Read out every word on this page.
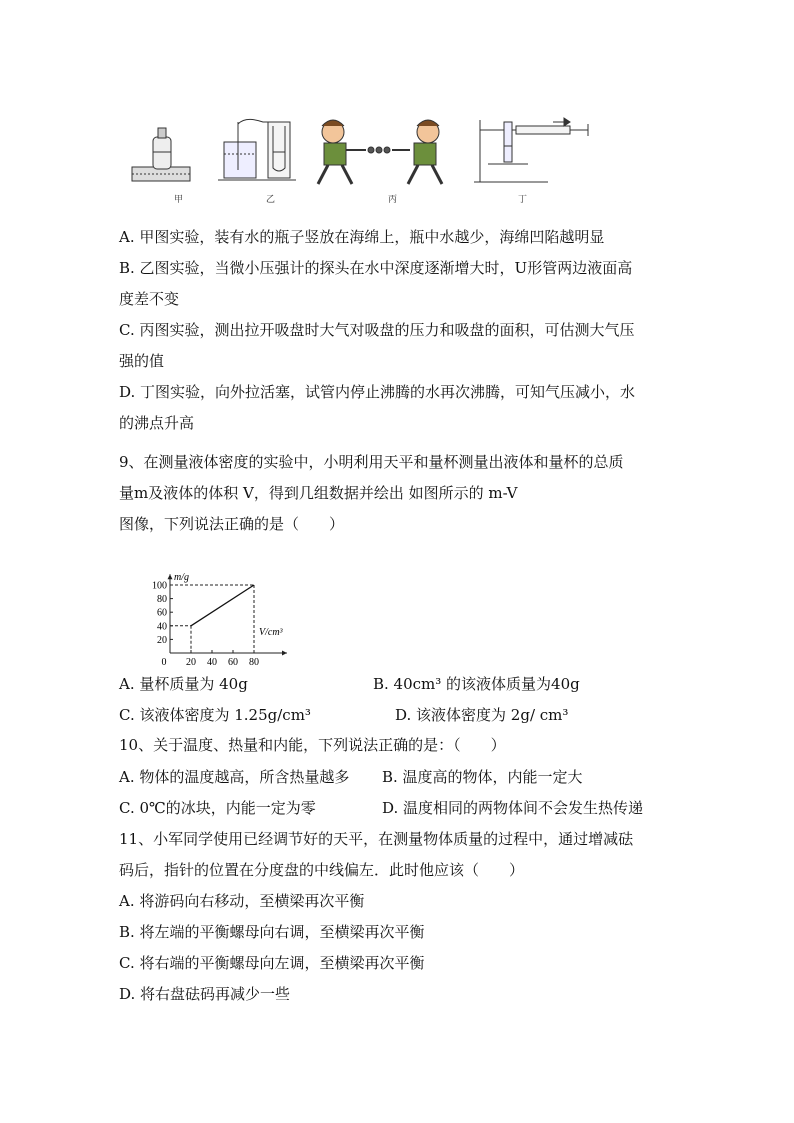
甲	乙	丙	丁
A. 甲图实验，装有水的瓶子竖放在海绵上，瓶中水越少，海绵凹陷越明显
B. 乙图实验，当微小压强计的探头在水中深度逐渐增大时，U形管两边液面高
度差不变
C. 丙图实验，测出拉开吸盘时大气对吸盘的压力和吸盘的面积，可估测大气压
强的值
D. 丁图实验，向外拉活塞，试管内停止沸腾的水再次沸腾，可知气压减小，水
的沸点升高
9、在测量液体密度的实验中，小明利用天平和量杯测量出液体和量杯的总质
量m及液体的体积 V，得到几组数据并绘出 如图所示的 m-V
图像，下列说法正确的是（　　）
20
40
60
80
100
0 20 40 60 80
m/g
V/cm³
A. 量杯质量为 40g	B. 40cm³ 的该液体质量为40g
C. 该液体密度为 1.25g/cm³	D. 该液体密度为 2g/ cm³
10、关于温度、热量和内能，下列说法正确的是：（　　）
A. 物体的温度越高，所含热量越多 B. 温度高的物体，内能一定大
C. 0℃的冰块，内能一定为零	D. 温度相同的两物体间不会发生热传递
11、小军同学使用已经调节好的天平，在测量物体质量的过程中，通过增减砝
码后，指针的位置在分度盘的中线偏左．此时他应该（　　）
A. 将游码向右移动，至横梁再次平衡
B. 将左端的平衡螺母向右调，至横梁再次平衡
C. 将右端的平衡螺母向左调，至横梁再次平衡
D. 将右盘砝码再减少一些
